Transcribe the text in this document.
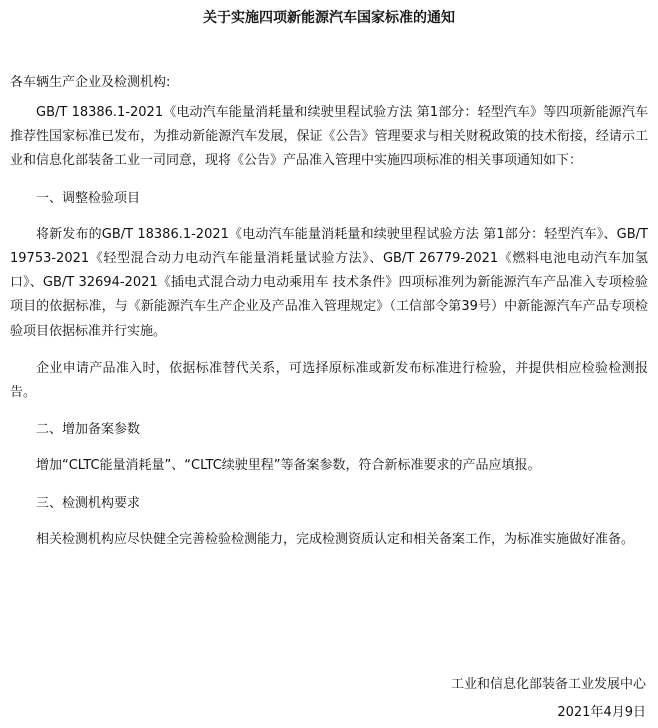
关于实施四项新能源汽车国家标准的通知
各车辆生产企业及检测机构:

GB/T 18386.1-2021《电动汽车能量消耗量和续驶里程试验方法 第1部分：轻型汽车》等四项新能源汽车推荐性国家标准已发布，为推动新能源汽车发展，保证《公告》管理要求与相关财税政策的技术衔接，经请示工业和信息化部装备工业一司同意，现将《公告》产品准入管理中实施四项标准的相关事项通知如下：

一、调整检验项目

将新发布的GB/T 18386.1-2021《电动汽车能量消耗量和续驶里程试验方法 第1部分：轻型汽车》、GB/T 19753-2021《轻型混合动力电动汽车能量消耗量试验方法》、GB/T 26779-2021《燃料电池电动汽车加氢口》、GB/T 32694-2021《插电式混合动力电动乘用车 技术条件》四项标准列为新能源汽车产品准入专项检验项目的依据标准，与《新能源汽车生产企业及产品准入管理规定》（工信部令第39号）中新能源汽车产品专项检验项目依据标准并行实施。

企业申请产品准入时，依据标准替代关系，可选择原标准或新发布标准进行检验，并提供相应检验检测报告。

二、增加备案参数

增加“CLTC能量消耗量”、“CLTC续驶里程”等备案参数，符合新标准要求的产品应填报。

三、检测机构要求

相关检测机构应尽快健全完善检验检测能力，完成检测资质认定和相关备案工作，为标准实施做好准备。

工业和信息化部装备工业发展中心
2021年4月9日
